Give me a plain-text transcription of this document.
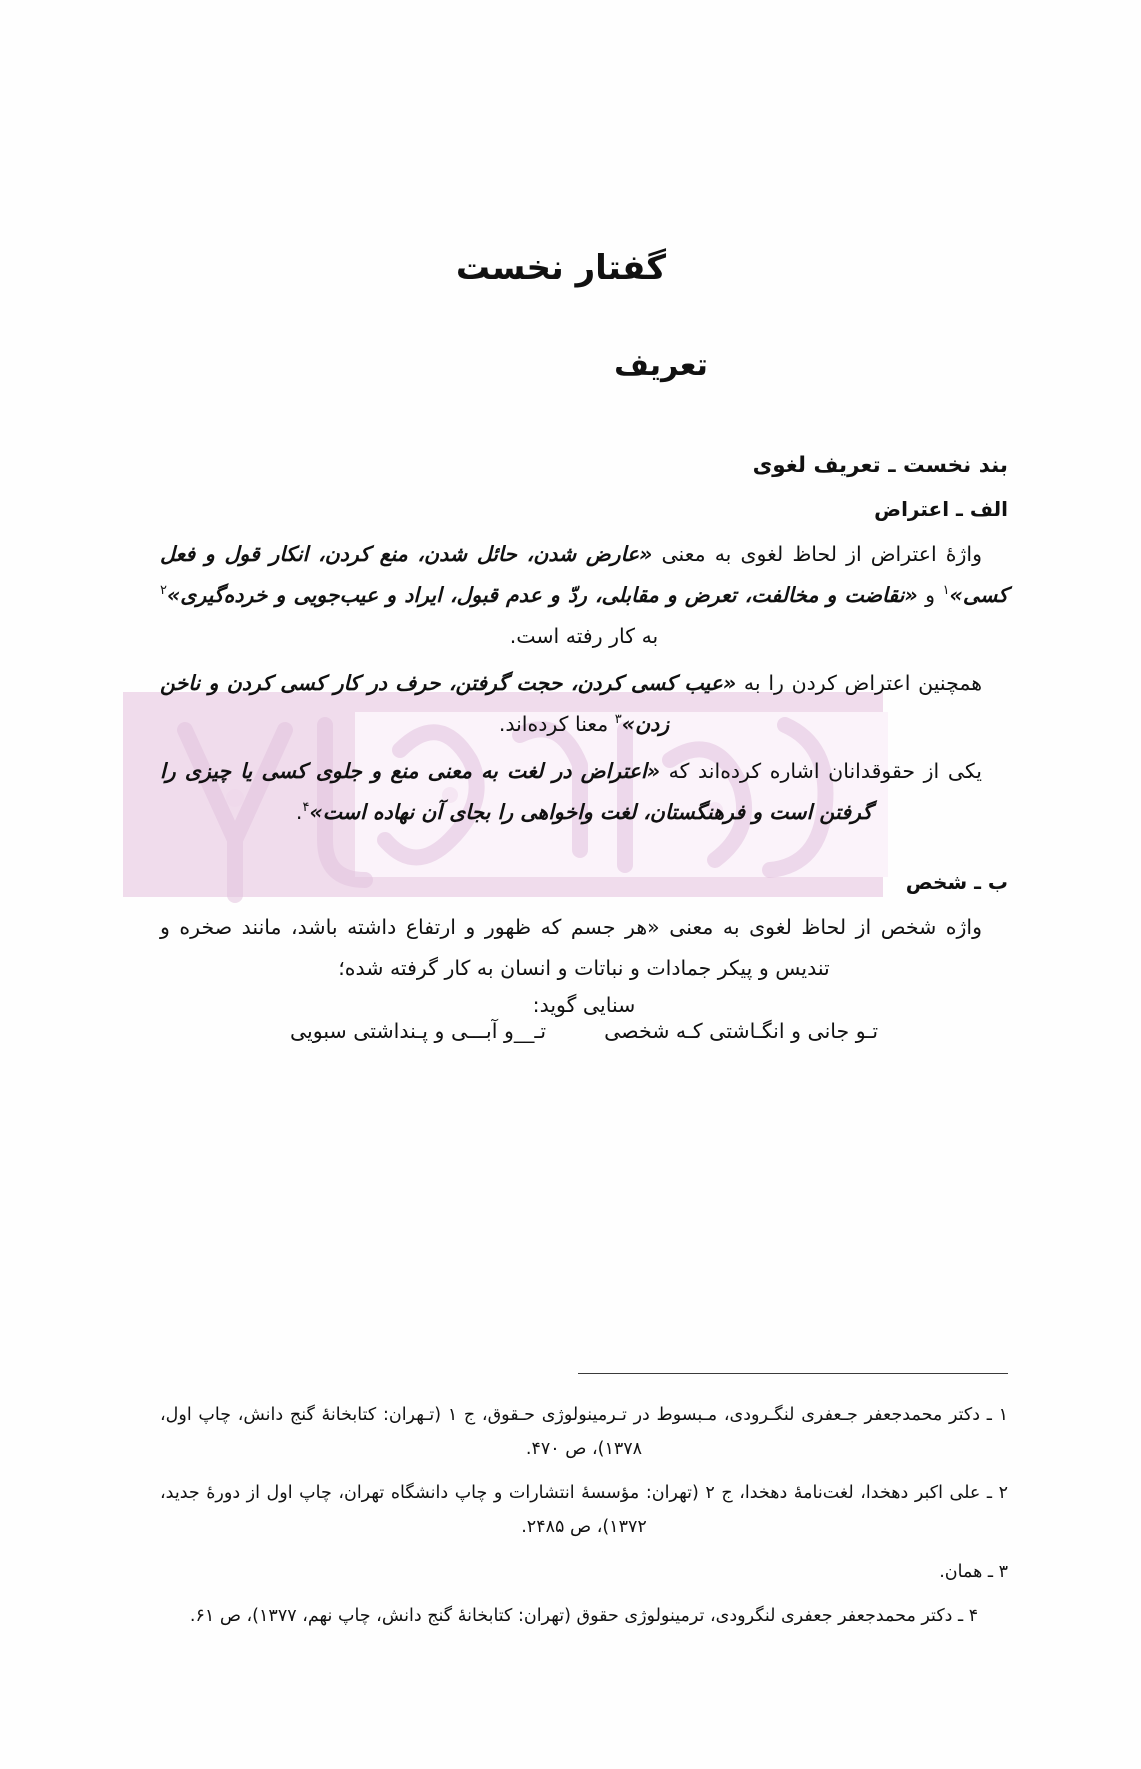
گفتار نخست
تعریف
بند نخست ـ تعریف لغوی
الف ـ اعتراض

واژهٔ اعتراض از لحاظ لغوی به معنی «عارض شدن، حائل شدن، منع کردن، انکار قول و فعل کسی»$^۱$ و «نقاضت و مخالفت، تعرض و مقابلی، ردّ و عدم قبول، ایراد و عیب‌جویی و خرده‌گیری»$^۲$ به کار رفته است.

همچنین اعتراض کردن را به «عیب کسی کردن، حجت گرفتن، حرف در کار کسی کردن و ناخن زدن»$^۳$ معنا کرده‌اند.

یکی از حقوقدانان اشاره کرده‌اند که «اعتراض در لغت به معنی منع و جلوی کسی یا چیزی را گرفتن است و فرهنگستان، لغت واخواهی را بجای آن نهاده است»$^۴$.

ب ـ شخص

واژه شخص از لحاظ لغوی به معنی «هر جسم که ظهور و ارتفاع داشته باشد، مانند صخره و تندیس و پیکر جمادات و نباتات و انسان به کار گرفته شده؛

سنایی گوید:

تـو جانی و انگـاشتی کـه شخصی
تـ__و آبـــی و پـنداشتی سبویی

۱ ـ دکتر محمدجعفر جـعفری لنگـرودی، مـبسوط در تـرمینولوژی حـقوق، ج ۱ (تـهران: کتابخانهٔ گنج دانش، چاپ اول، ۱۳۷۸)، ص ۴۷۰.

۲ ـ علی اکبر دهخدا، لغت‌نامهٔ دهخدا، ج ۲ (تهران: مؤسسهٔ انتشارات و چاپ دانشگاه تهران، چاپ اول از دورهٔ جدید، ۱۳۷۲)، ص ۲۴۸۵.

۳ ـ همان.

۴ ـ دکتر محمدجعفر جعفری لنگرودی، ترمینولوژی حقوق (تهران: کتابخانهٔ گنج دانش، چاپ نهم، ۱۳۷۷)، ص ۶۱.
